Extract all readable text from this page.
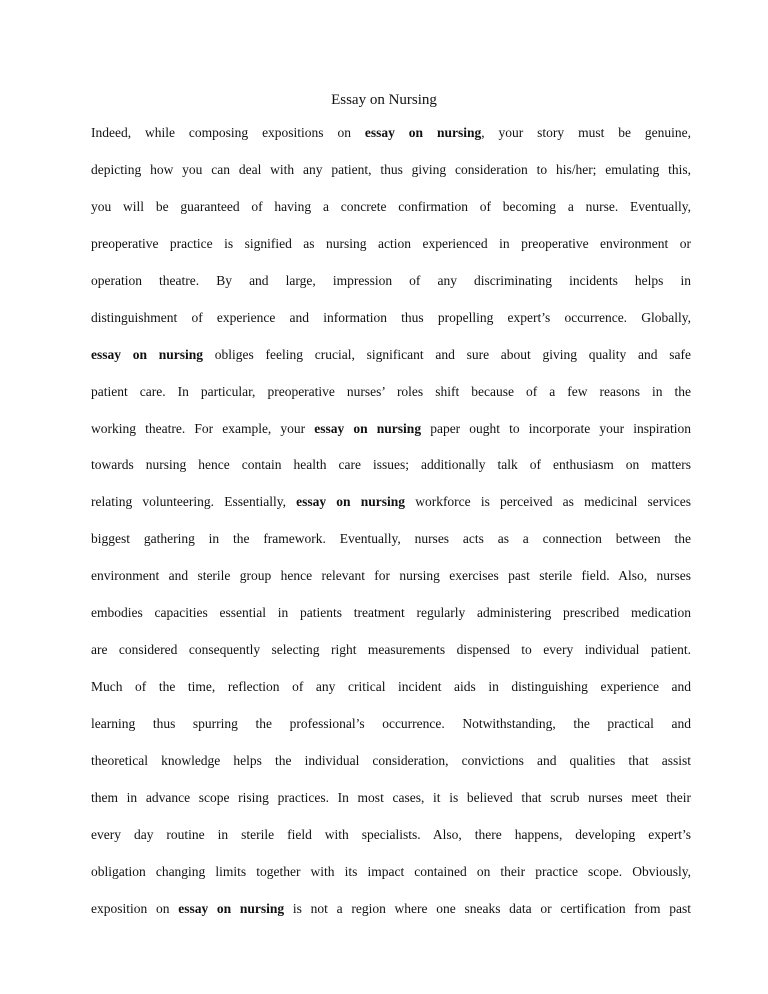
Essay on Nursing
Indeed, while composing expositions on essay on nursing, your story must be genuine,
depicting how you can deal with any patient, thus giving consideration to his/her; emulating this,
you will be guaranteed of having a concrete confirmation of becoming a nurse. Eventually,
preoperative practice is signified as nursing action experienced in preoperative environment or
operation theatre. By and large, impression of any discriminating incidents helps in
distinguishment of experience and information thus propelling expert’s occurrence. Globally,
essay on nursing obliges feeling crucial, significant and sure about giving quality and safe
patient care. In particular, preoperative nurses’ roles shift because of a few reasons in the
working theatre. For example, your essay on nursing paper ought to incorporate your inspiration
towards nursing hence contain health care issues; additionally talk of enthusiasm on matters
relating volunteering. Essentially, essay on nursing workforce is perceived as medicinal services
biggest gathering in the framework. Eventually, nurses acts as a connection between the
environment and sterile group hence relevant for nursing exercises past sterile field. Also, nurses
embodies capacities essential in patients treatment regularly administering prescribed medication
are considered consequently selecting right measurements dispensed to every individual patient.
Much of the time, reflection of any critical incident aids in distinguishing experience and
learning thus spurring the professional’s occurrence. Notwithstanding, the practical and
theoretical knowledge helps the individual consideration, convictions and qualities that assist
them in advance scope rising practices. In most cases, it is believed that scrub nurses meet their
every day routine in sterile field with specialists. Also, there happens, developing expert’s
obligation changing limits together with its impact contained on their practice scope. Obviously,
exposition on essay on nursing is not a region where one sneaks data or certification from past
